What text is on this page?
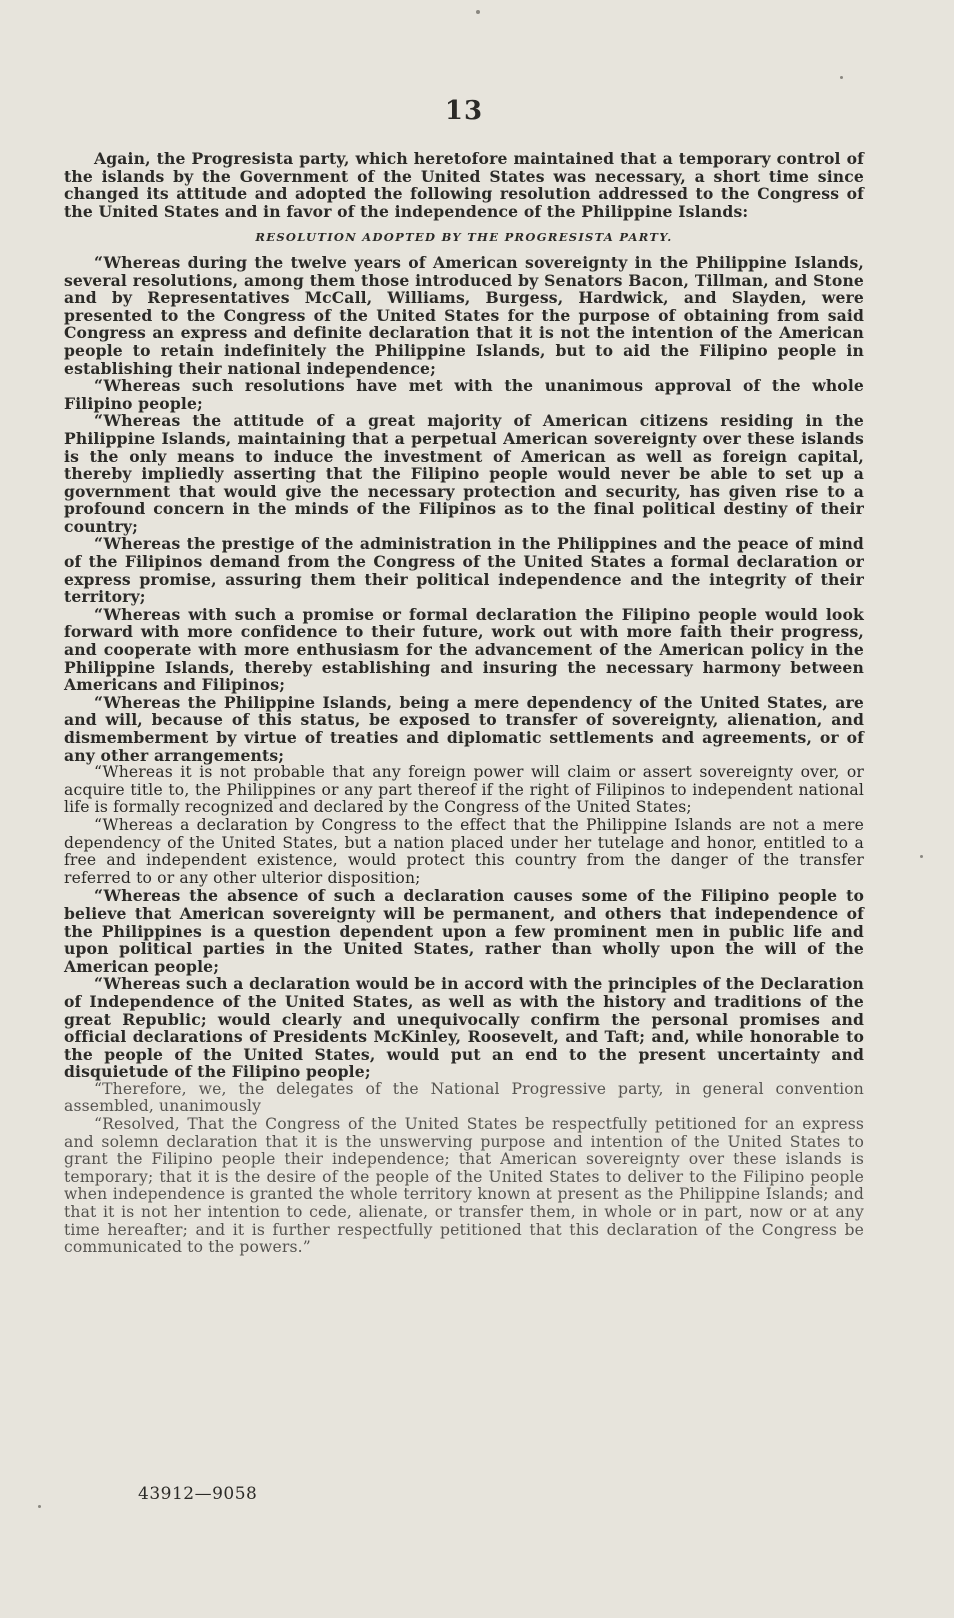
13

Again, the Progresista party, which heretofore maintained that a temporary control of the islands by the Government of the United States was necessary, a short time since changed its attitude and adopted the following resolution addressed to the Congress of the United States and in favor of the independence of the Philippine Islands:

RESOLUTION ADOPTED BY THE PROGRESISTA PARTY.

“Whereas during the twelve years of American sovereignty in the Philippine Islands, several resolutions, among them those introduced by Senators Bacon, Tillman, and Stone and by Representatives McCall, Williams, Burgess, Hardwick, and Slayden, were presented to the Congress of the United States for the purpose of obtaining from said Congress an express and definite declaration that it is not the intention of the American people to retain indefinitely the Philippine Islands, but to aid the Filipino people in establishing their national independence;

“Whereas such resolutions have met with the unanimous approval of the whole Filipino people;

“Whereas the attitude of a great majority of American citizens residing in the Philippine Islands, maintaining that a perpetual American sovereignty over these islands is the only means to induce the investment of American as well as foreign capital, thereby impliedly asserting that the Filipino people would never be able to set up a government that would give the necessary protection and security, has given rise to a profound concern in the minds of the Filipinos as to the final political destiny of their country;

“Whereas the prestige of the administration in the Philippines and the peace of mind of the Filipinos demand from the Congress of the United States a formal declaration or express promise, assuring them their political independence and the integrity of their territory;

“Whereas with such a promise or formal declaration the Filipino people would look forward with more confidence to their future, work out with more faith their progress, and cooperate with more enthusiasm for the advancement of the American policy in the Philippine Islands, thereby establishing and insuring the necessary harmony between Americans and Filipinos;

“Whereas the Philippine Islands, being a mere dependency of the United States, are and will, because of this status, be exposed to transfer of sovereignty, alienation, and dismemberment by virtue of treaties and diplomatic settlements and agreements, or of any other arrangements;

“Whereas it is not probable that any foreign power will claim or assert sovereignty over, or acquire title to, the Philippines or any part thereof if the right of Filipinos to independent national life is formally recognized and declared by the Congress of the United States;

“Whereas a declaration by Congress to the effect that the Philippine Islands are not a mere dependency of the United States, but a nation placed under her tutelage and honor, entitled to a free and independent existence, would protect this country from the danger of the transfer referred to or any other ulterior disposition;

“Whereas the absence of such a declaration causes some of the Filipino people to believe that American sovereignty will be permanent, and others that independence of the Philippines is a question dependent upon a few prominent men in public life and upon political parties in the United States, rather than wholly upon the will of the American people;

“Whereas such a declaration would be in accord with the principles of the Declaration of Independence of the United States, as well as with the history and traditions of the great Republic; would clearly and unequivocally confirm the personal promises and official declarations of Presidents McKinley, Roosevelt, and Taft; and, while honorable to the people of the United States, would put an end to the present uncertainty and disquietude of the Filipino people;

“Therefore, we, the delegates of the National Progressive party, in general convention assembled, unanimously

“Resolved, That the Congress of the United States be respectfully petitioned for an express and solemn declaration that it is the unswerving purpose and intention of the United States to grant the Filipino people their independence; that American sovereignty over these islands is temporary; that it is the desire of the people of the United States to deliver to the Filipino people when independence is granted the whole territory known at present as the Philippine Islands; and that it is not her intention to cede, alienate, or transfer them, in whole or in part, now or at any time hereafter; and it is further respectfully petitioned that this declaration of the Congress be communicated to the powers.”

43912—9058
